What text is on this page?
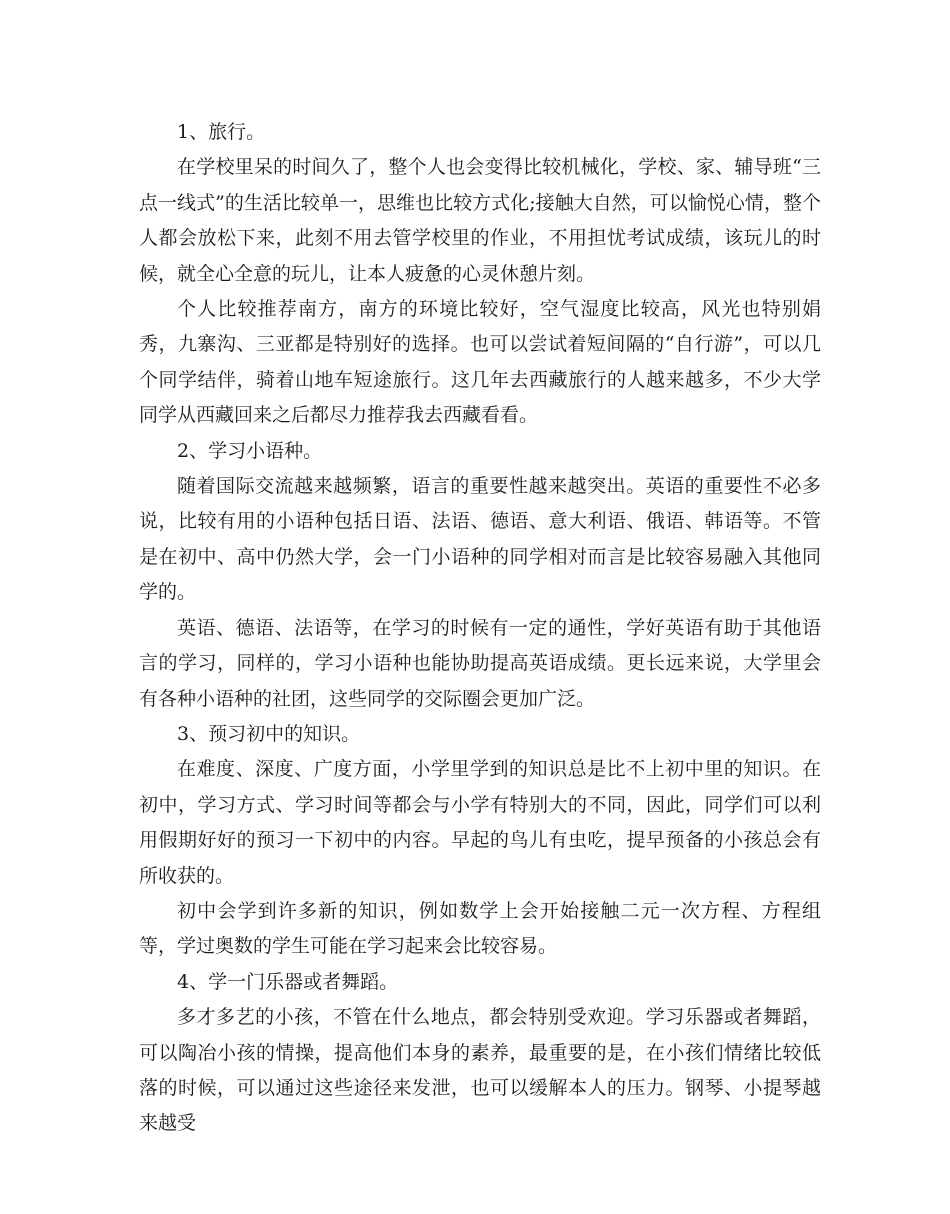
1、旅行。

在学校里呆的时间久了，整个人也会变得比较机械化，学校、家、辅导班“三点一线式”的生活比较单一，思维也比较方式化;接触大自然，可以愉悦心情，整个人都会放松下来，此刻不用去管学校里的作业，不用担忧考试成绩，该玩儿的时候，就全心全意的玩儿，让本人疲惫的心灵休憩片刻。

个人比较推荐南方，南方的环境比较好，空气湿度比较高，风光也特别娟秀，九寨沟、三亚都是特别好的选择。也可以尝试着短间隔的“自行游”，可以几个同学结伴，骑着山地车短途旅行。这几年去西藏旅行的人越来越多，不少大学同学从西藏回来之后都尽力推荐我去西藏看看。

2、学习小语种。

随着国际交流越来越频繁，语言的重要性越来越突出。英语的重要性不必多说，比较有用的小语种包括日语、法语、德语、意大利语、俄语、韩语等。不管是在初中、高中仍然大学，会一门小语种的同学相对而言是比较容易融入其他同学的。

英语、德语、法语等，在学习的时候有一定的通性，学好英语有助于其他语言的学习，同样的，学习小语种也能协助提高英语成绩。更长远来说，大学里会有各种小语种的社团，这些同学的交际圈会更加广泛。

3、预习初中的知识。

在难度、深度、广度方面，小学里学到的知识总是比不上初中里的知识。在初中，学习方式、学习时间等都会与小学有特别大的不同，因此，同学们可以利用假期好好的预习一下初中的内容。早起的鸟儿有虫吃，提早预备的小孩总会有所收获的。

初中会学到许多新的知识，例如数学上会开始接触二元一次方程、方程组等，学过奥数的学生可能在学习起来会比较容易。

4、学一门乐器或者舞蹈。

多才多艺的小孩，不管在什么地点，都会特别受欢迎。学习乐器或者舞蹈，可以陶冶小孩的情操，提高他们本身的素养，最重要的是，在小孩们情绪比较低落的时候，可以通过这些途径来发泄，也可以缓解本人的压力。钢琴、小提琴越来越受
